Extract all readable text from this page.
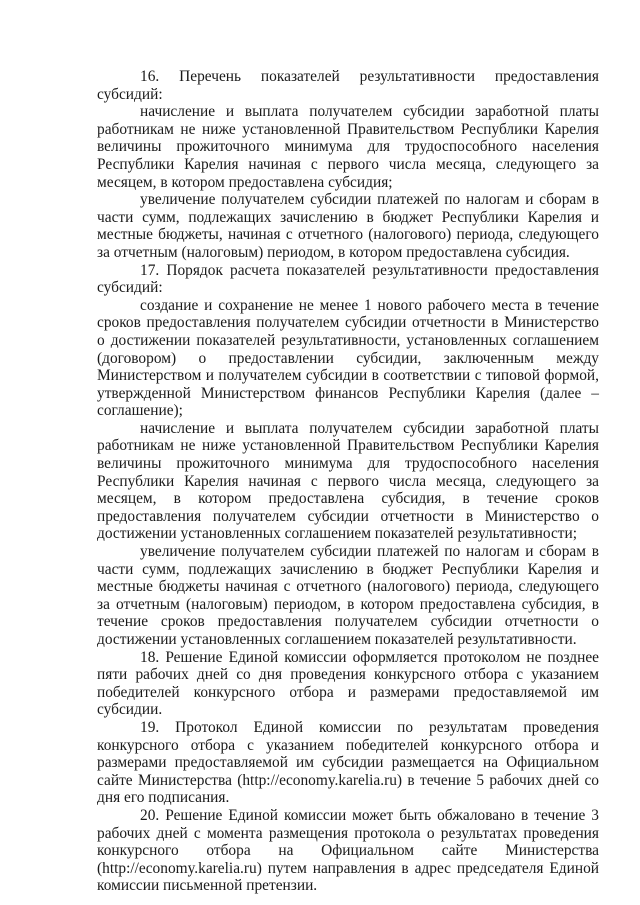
16. Перечень показателей результативности предоставления субсидий:

начисление и выплата получателем субсидии заработной платы работникам не ниже установленной Правительством Республики Карелия величины прожиточного минимума для трудоспособного населения Республики Карелия начиная с первого числа месяца, следующего за месяцем, в котором предоставлена субсидия;

увеличение получателем субсидии платежей по налогам и сборам в части сумм, подлежащих зачислению в бюджет Республики Карелия и местные бюджеты, начиная с отчетного (налогового) периода, следующего за отчетным (налоговым) периодом, в котором предоставлена субсидия.

17. Порядок расчета показателей результативности предоставления субсидий:

создание и сохранение не менее 1 нового рабочего места в течение сроков предоставления получателем субсидии отчетности в Министерство о достижении показателей результативности, установленных соглашением (договором) о предоставлении субсидии, заключенным между Министерством и получателем субсидии в соответствии с типовой формой, утвержденной Министерством финансов Республики Карелия (далее – соглашение);

начисление и выплата получателем субсидии заработной платы работникам не ниже установленной Правительством Республики Карелия величины прожиточного минимума для трудоспособного населения Республики Карелия начиная с первого числа месяца, следующего за месяцем, в котором предоставлена субсидия, в течение сроков предоставления получателем субсидии отчетности в Министерство о достижении установленных соглашением показателей результативности;

увеличение получателем субсидии платежей по налогам и сборам в части сумм, подлежащих зачислению в бюджет Республики Карелия и местные бюджеты начиная с отчетного (налогового) периода, следующего за отчетным (налоговым) периодом, в котором предоставлена субсидия, в течение сроков предоставления получателем субсидии отчетности о достижении установленных соглашением показателей результативности.

18. Решение Единой комиссии оформляется протоколом не позднее пяти рабочих дней со дня проведения конкурсного отбора с указанием победителей конкурсного отбора и размерами предоставляемой им субсидии.

19. Протокол Единой комиссии по результатам проведения конкурсного отбора с указанием победителей конкурсного отбора и размерами предоставляемой им субсидии размещается на Официальном сайте Министерства (http://economy.karelia.ru) в течение 5 рабочих дней со дня его подписания.

20. Решение Единой комиссии может быть обжаловано в течение 3 рабочих дней с момента размещения протокола о результатах проведения конкурсного отбора на Официальном сайте Министерства (http://economy.karelia.ru) путем направления в адрес председателя Единой комиссии письменной претензии.
